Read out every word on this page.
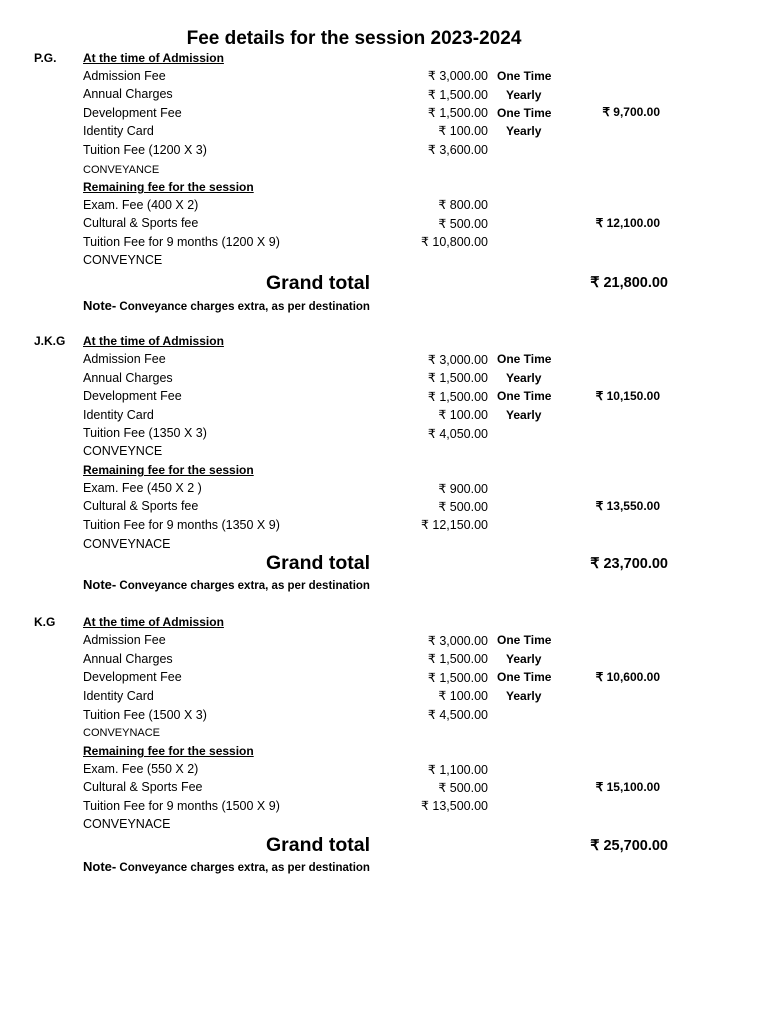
Fee details for the session 2023-2024
P.G. At the time of Admission
Admission Fee	₹ 3,000.00 One Time
Annual Charges	₹ 1,500.00 Yearly
Development Fee	₹ 1,500.00 One Time	₹ 9,700.00
Identity Card	₹ 100.00 Yearly
Tuition Fee (1200 X 3)	₹ 3,600.00
CONVEYANCE
Remaining fee for the session
Exam. Fee (400 X 2)	₹ 800.00
Cultural & Sports fee	₹ 500.00	₹ 12,100.00
Tuition Fee for 9 months (1200 X 9)	₹ 10,800.00
CONVEYNCE
Grand total	₹ 21,800.00
Note- Conveyance charges extra, as per destination
J.K.G At the time of Admission
Admission Fee	₹ 3,000.00 One Time
Annual Charges	₹ 1,500.00 Yearly
Development Fee	₹ 1,500.00 One Time	₹ 10,150.00
Identity Card	₹ 100.00 Yearly
Tuition Fee (1350 X 3)	₹ 4,050.00
CONVEYNCE
Remaining fee for the session
Exam. Fee (450 X 2 )	₹ 900.00
Cultural & Sports fee	₹ 500.00	₹ 13,550.00
Tuition Fee for 9 months (1350 X 9)	₹ 12,150.00
CONVEYNACE
Grand total	₹ 23,700.00
Note- Conveyance charges extra, as per destination
K.G At the time of Admission
Admission Fee	₹ 3,000.00 One Time
Annual Charges	₹ 1,500.00 Yearly
Development Fee	₹ 1,500.00 One Time	₹ 10,600.00
Identity Card	₹ 100.00 Yearly
Tuition Fee (1500 X 3)	₹ 4,500.00
CONVEYNACE
Remaining fee for the session
Exam. Fee (550 X 2)	₹ 1,100.00
Cultural & Sports Fee	₹ 500.00	₹ 15,100.00
Tuition Fee for 9 months (1500 X 9)	₹ 13,500.00
CONVEYNACE
Grand total	₹ 25,700.00
Note- Conveyance charges extra, as per destination
